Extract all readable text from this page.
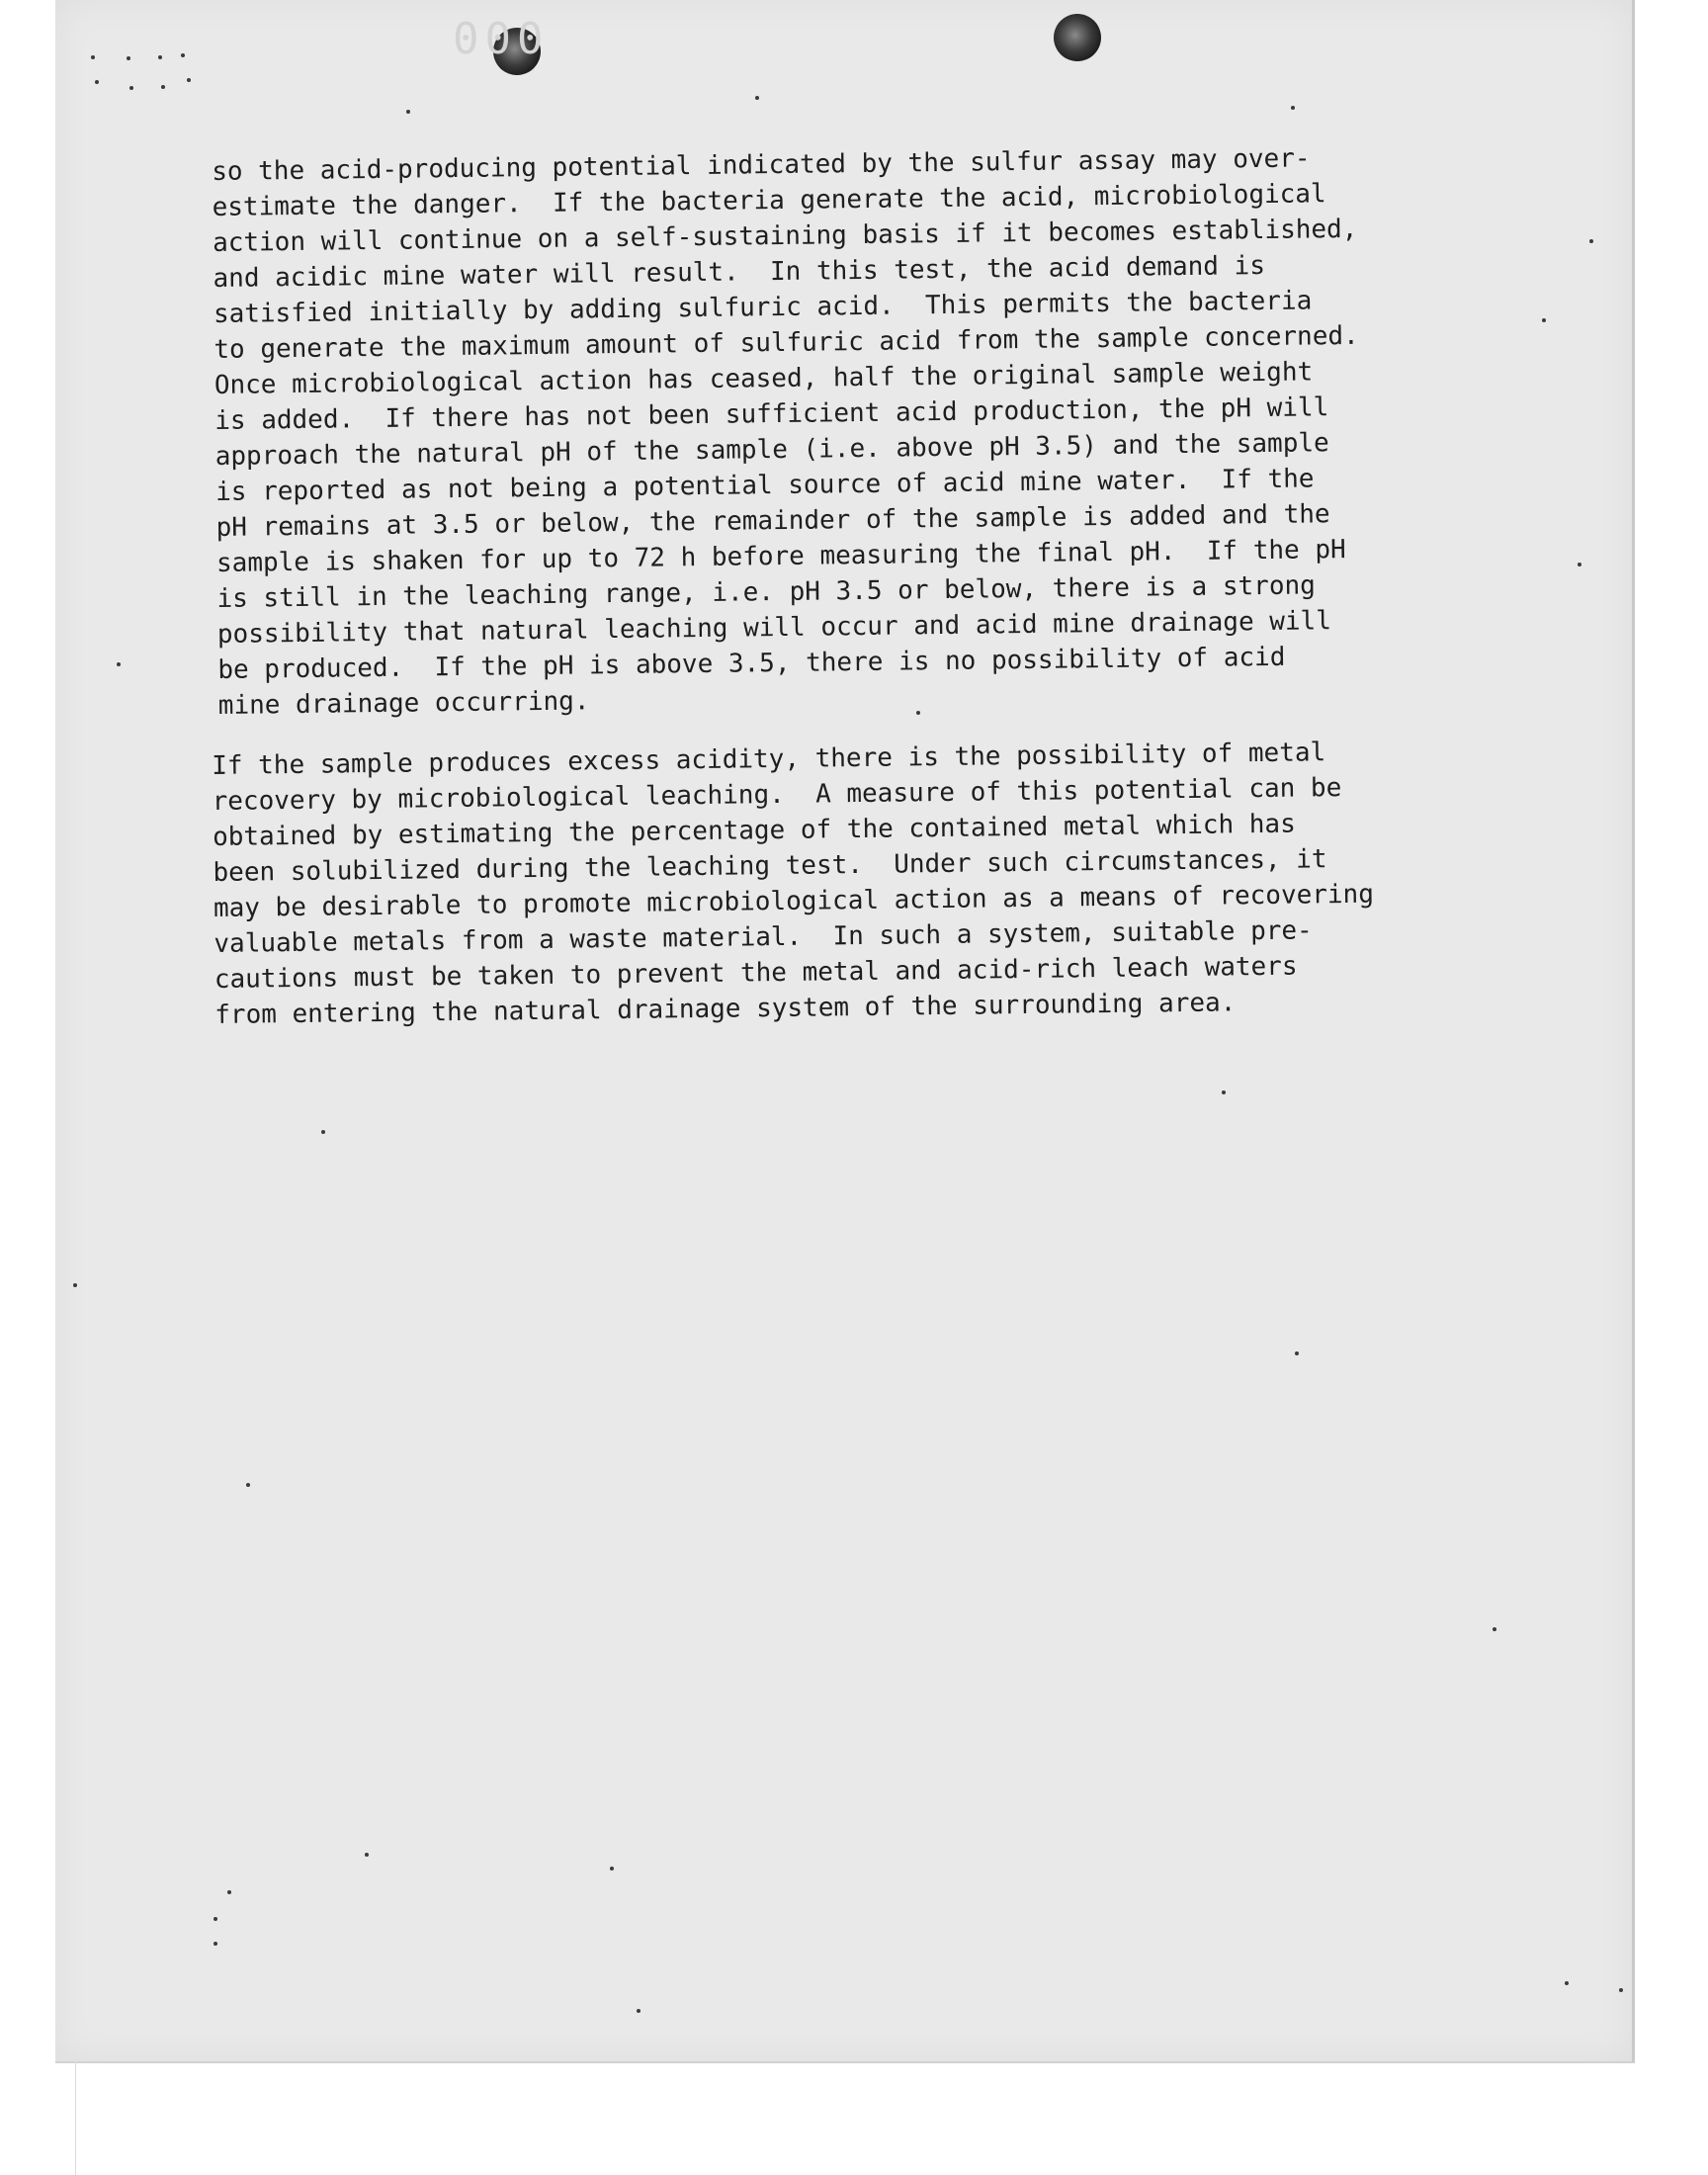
000
so the acid-producing potential indicated by the sulfur assay may over-
estimate the danger.  If the bacteria generate the acid, microbiological
action will continue on a self-sustaining basis if it becomes established,
and acidic mine water will result.  In this test, the acid demand is
satisfied initially by adding sulfuric acid.  This permits the bacteria
to generate the maximum amount of sulfuric acid from the sample concerned.
Once microbiological action has ceased, half the original sample weight
is added.  If there has not been sufficient acid production, the pH will
approach the natural pH of the sample (i.e. above pH 3.5) and the sample
is reported as not being a potential source of acid mine water.  If the
pH remains at 3.5 or below, the remainder of the sample is added and the
sample is shaken for up to 72 h before measuring the final pH.  If the pH
is still in the leaching range, i.e. pH 3.5 or below, there is a strong
possibility that natural leaching will occur and acid mine drainage will
be produced.  If the pH is above 3.5, there is no possibility of acid
mine drainage occurring.
If the sample produces excess acidity, there is the possibility of metal
recovery by microbiological leaching.  A measure of this potential can be
obtained by estimating the percentage of the contained metal which has
been solubilized during the leaching test.  Under such circumstances, it
may be desirable to promote microbiological action as a means of recovering
valuable metals from a waste material.  In such a system, suitable pre-
cautions must be taken to prevent the metal and acid-rich leach waters
from entering the natural drainage system of the surrounding area.
